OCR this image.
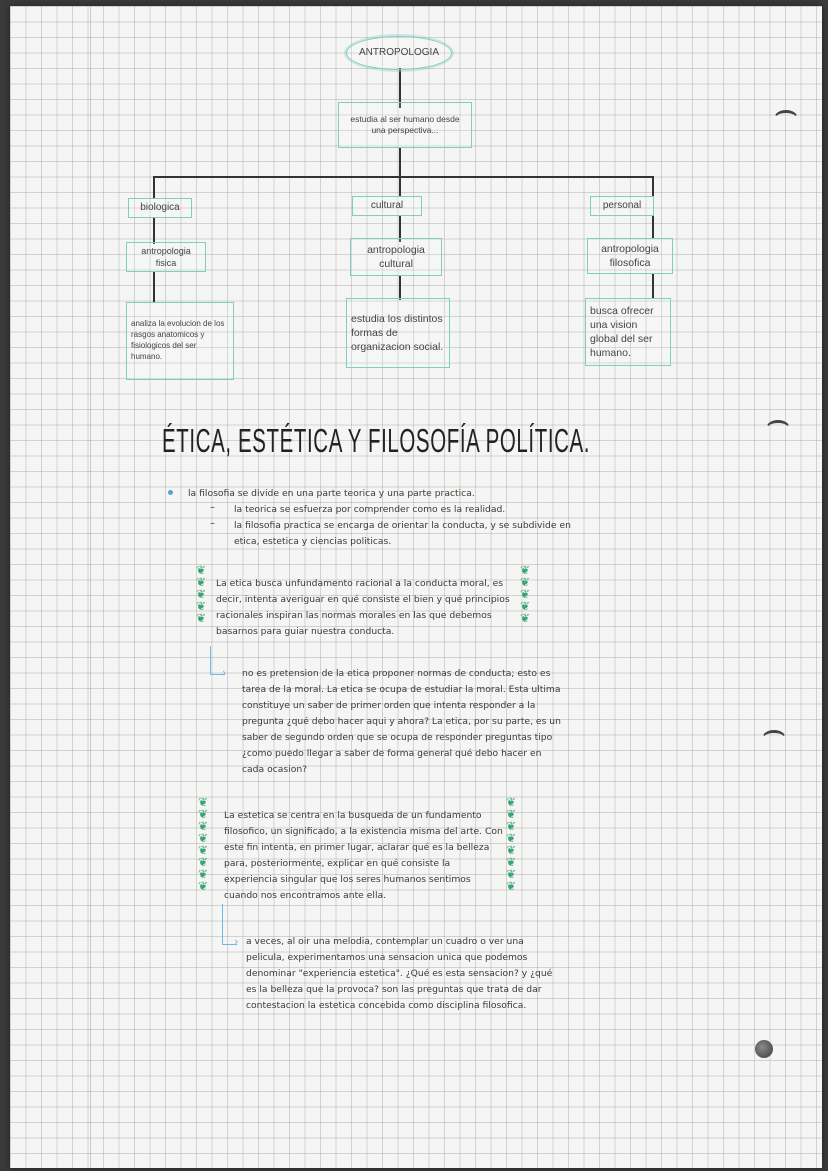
ANTROPOLOGIA
estudia al ser humano desde una perspectiva...
biologica	cultural	personal
antropologia fisica
antropologia cultural
antropologia filosofica
analiza la evolucion de los rasgos anatomicos y fisiologicos del ser humano.
estudia los distintos formas de organizacion social.
busca ofrecer una vision global del ser humano.
ÉTICA, ESTÉTICA Y FILOSOFÍA POLÍTICA.
la filosofia se divide en una parte teorica y una parte practica.
– la teorica se esfuerza por comprender como es la realidad.
– la filosofia practica se encarga de orientar la conducta, y se subdivide en etica, estetica y ciencias politicas.
❦
❦
❦
❦
❦
❦
❦
❦
❦
❦
La etica busca unfundamento racional a la conducta moral, es decir, intenta averiguar en qué consiste el bien y qué principios racionales inspiran las normas morales en las que debemos basarnos para guiar nuestra conducta.
› no es pretension de la etica proponer normas de conducta; esto es tarea de la moral. La etica se ocupa de estudiar la moral. Esta ultima constituye un saber de primer orden que intenta responder a la pregunta ¿qué debo hacer aqui y ahora? La etica, por su parte, es un saber de segundo orden que se ocupa de responder preguntas tipo ¿como puedo llegar a saber de forma general qué debo hacer en cada ocasion?
❦
❦
❦
❦
❦
❦
❦
❦
❦
❦
❦
❦
❦
❦
❦
❦
La estetica se centra en la busqueda de un fundamento filosofico, un significado, a la existencia misma del arte. Con este fin intenta, en primer lugar, aclarar qué es la belleza para, posteriormente, explicar en qué consiste la experiencia singular que los seres humanos sentimos cuando nos encontramos ante ella.
› a veces, al oir una melodia, contemplar un cuadro o ver una pelicula, experimentamos una sensacion unica que podemos denominar "experiencia estetica". ¿Qué es esta sensacion? y ¿qué es la belleza que la provoca? son las preguntas que trata de dar contestacion la estetica concebida como disciplina filosofica.
